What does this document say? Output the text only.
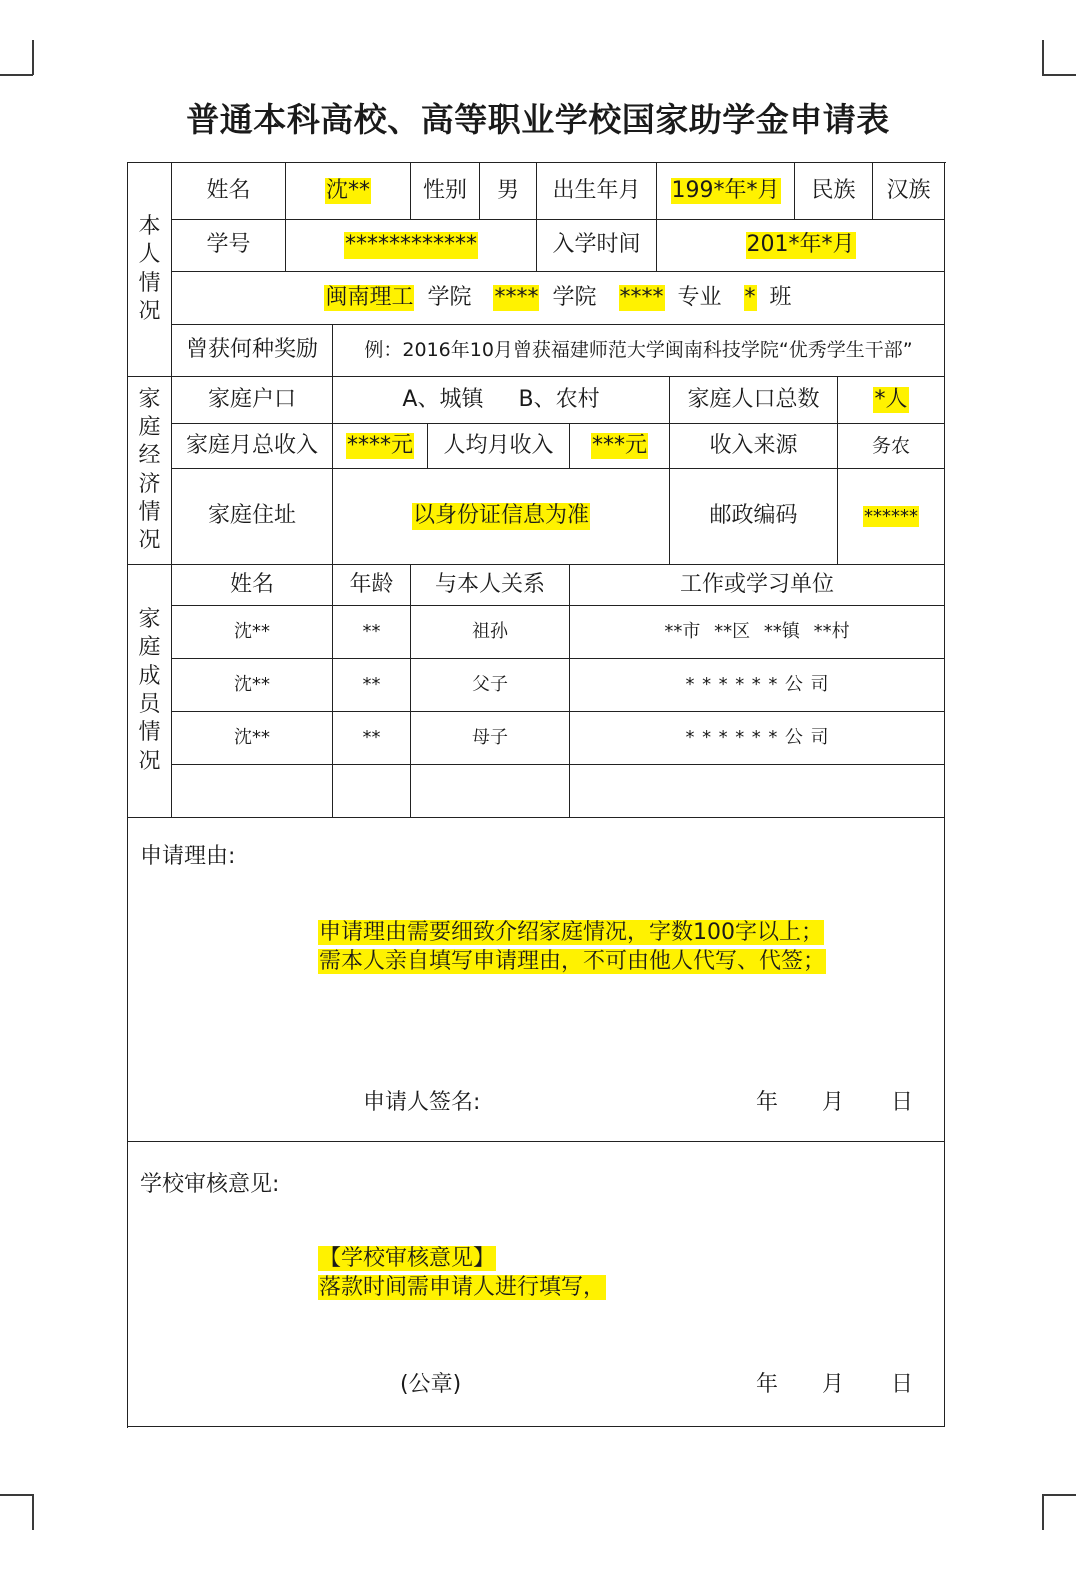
普通本科高校、高等职业学校国家助学金申请表
本人情况
姓名	沈**	性别	男	出生年月	199*年*月	民族	汉族
学号	************	入学时间	201*年*月
闽南理工 学院 **** 学院 **** 专业 * 班
曾获何种奖励	例：2016年10月曾获福建师范大学闽南科技学院“优秀学生干部”
家庭经济情况
家庭户口	A、城镇 B、农村	家庭人口总数	*人
家庭月总收入	****元	人均月收入	***元	收入来源	务农
家庭住址	以身份证信息为准	邮政编码	******
家庭成员情况
姓名	年龄	与本人关系	工作或学习单位
沈**	**	祖孙	**市 **区 **镇 **村
沈**	**	父子	******公司
沈**	**	母子	******公司
申请理由:
申请理由需要细致介绍家庭情况，字数100字以上；
需本人亲自填写申请理由，不可由他人代写、代签；
申请人签名:	年 月 日
学校审核意见:
【学校审核意见】
落款时间需申请人进行填写，
(公章)	年 月 日
